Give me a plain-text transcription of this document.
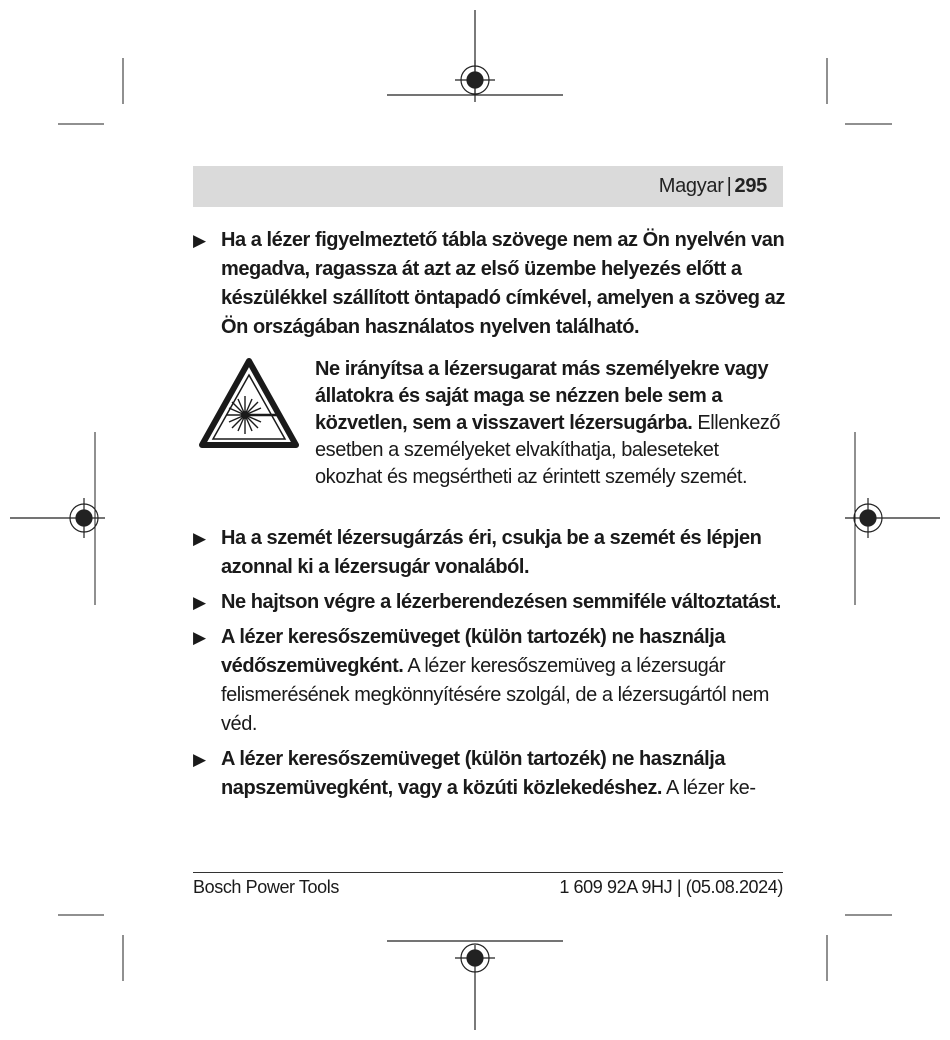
Magyar | 295
▶ Ha a lézer figyelmeztető tábla szövege nem az Ön nyelvén van megadva, ragassza át azt az első üzembe helyezés előtt a készülékkel szállított öntapadó címkével, amelyen a szöveg az Ön országában használatos nyelven található.
Ne irányítsa a lézersugarat más személyekre vagy állatokra és saját maga se nézzen bele sem a közvetlen, sem a visszavert lézersugárba. Ellenkező esetben a személyeket elvakíthatja, baleseteket okozhat és megsértheti az érintett személy szemét.
▶ Ha a szemét lézersugárzás éri, csukja be a szemét és lépjen azonnal ki a lézersugár vonalából.
▶ Ne hajtson végre a lézerberendezésen semmiféle változtatást.
▶ A lézer keresőszemüveget (külön tartozék) ne használja védőszemüvegként. A lézer keresőszemüveg a lézersugár felismerésének megkönnyítésére szolgál, de a lézersugártól nem véd.
▶ A lézer keresőszemüveget (külön tartozék) ne használja napszemüvegként, vagy a közúti közlekedéshez. A lézer ke-
Bosch Power Tools	1 609 92A 9HJ | (05.08.2024)
